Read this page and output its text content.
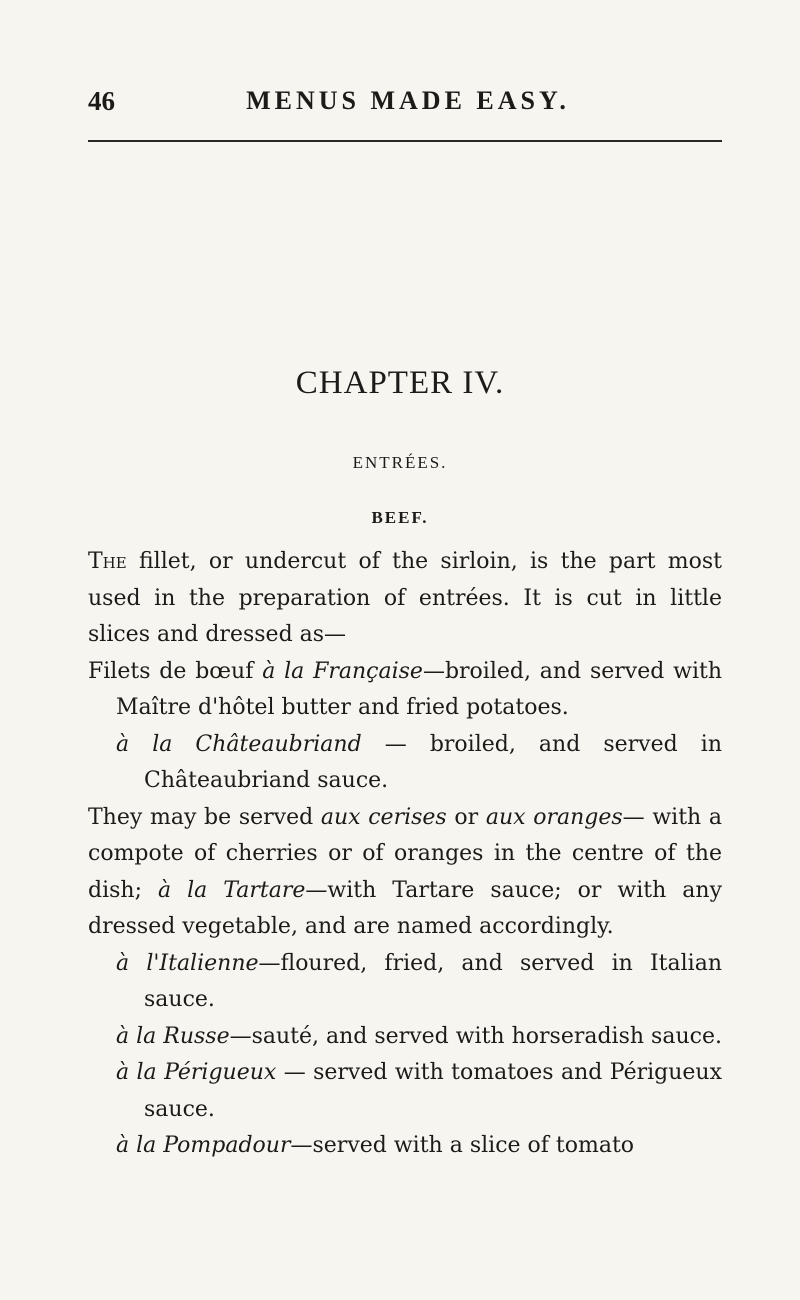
46	MENUS MADE EASY.
CHAPTER IV.
ENTRÉES.
BEEF.

The fillet, or undercut of the sirloin, is the part most used in the preparation of entrées. It is cut in little slices and dressed as—

Filets de bœuf à la Française—broiled, and served with Maître d'hôtel butter and fried potatoes.

à la Châteaubriand — broiled, and served in Châteaubriand sauce.

They may be served aux cerises or aux oranges— with a compote of cherries or of oranges in the centre of the dish; à la Tartare—with Tartare sauce; or with any dressed vegetable, and are named accordingly.

à l'Italienne—floured, fried, and served in Italian sauce.

à la Russe—sauté, and served with horseradish sauce.

à la Périgueux — served with tomatoes and Périgueux sauce.

à la Pompadour—served with a slice of tomato
